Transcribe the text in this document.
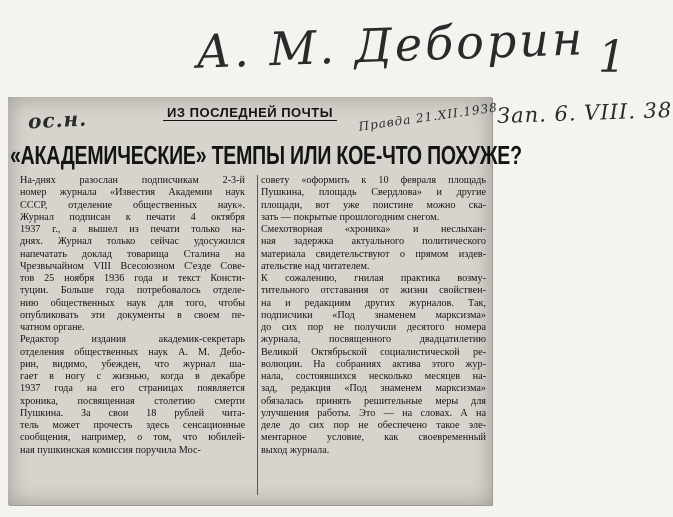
А. М. Деборин 1
Зап. 6. VIII. 38
ИЗ ПОСЛЕДНЕЙ ПОЧТЫ
«АКАДЕМИЧЕСКИЕ» ТЕМПЫ ИЛИ КОЕ-ЧТО ПОХУЖЕ?
На-днях разослан подписчикам 2-3-й
номер журнала «Известия Академии наук
СССР, отделение общественных наук».
Журнал подписан к печати 4 октября
1937 г., а вышел из печати только на-
днях. Журнал только сейчас удосужился
напечатать доклад товарища Сталина на
Чрезвычайном VIII Всесоюзном С'езде Сове-
тов 25 ноября 1936 года и текст Консти-
туции. Больше года потребовалось отделе-
нию общественных наук для того, чтобы
опубликовать эти документы в своем пе-
чатном органе.
Редактор издания академик-секретарь
отделения общественных наук А. М. Дебо-
рин, видимо, убежден, что журнал ша-
гает в ногу с жизнью, когда в декабре
1937 года на его страницах появляется
хроника, посвященная столетию смерти
Пушкина. За свои 18 рублей чита-
тель может прочесть здесь сенсационные
сообщения, например, о том, что юбилей-
ная пушкинская комиссия поручила Мос-
совету «оформить к 10 февраля площадь
Пушкина, площадь Свердлова» и другие
площади, вот уже поистине можно ска-
зать — покрытые прошлогодним снегом.
Смехотворная «хроника» и неслыхан-
ная задержка актуального политического
материала свидетельствуют о прямом издев-
ательстве над читателем.
К сожалению, гнилая практика возму-
тительного отставания от жизни свойствен-
на и редакциям других журналов. Так,
подписчики «Под знаменем марксизма»
до сих пор не получили десятого номера
журнала, посвященного двадцатилетию
Великой Октябрьской социалистической ре-
волюции. На собраниях актива этого жур-
нала, состоявшихся несколько месяцев на-
зад, редакция «Под знаменем марксизма»
обязалась принять решительные меры для
улучшения работы. Это — на словах. А на
деле до сих пор не обеспечено такое эле-
ментарное условие, как своевременный
выход журнала.
ос.н.	Правда 21.XII.1938
